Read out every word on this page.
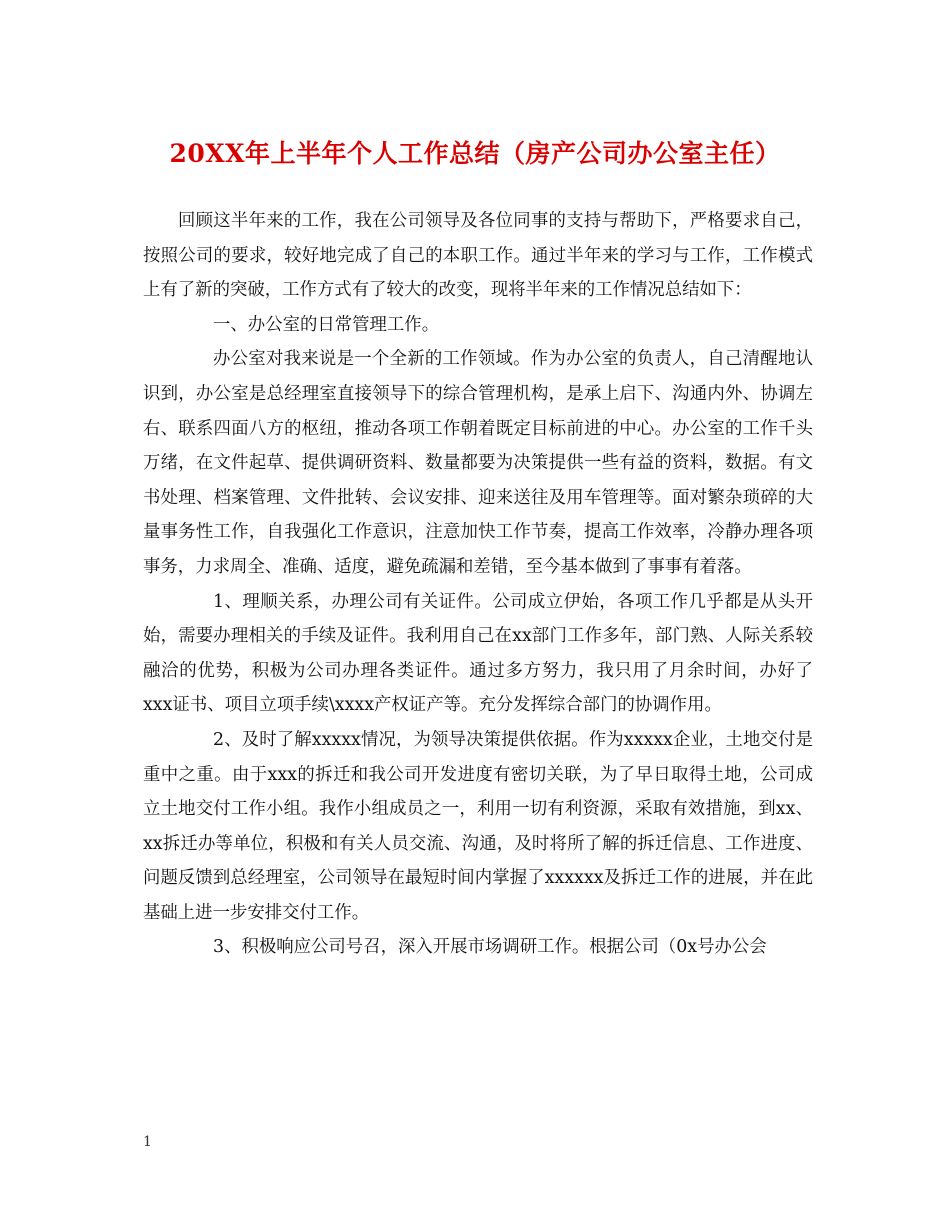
20XX年上半年个人工作总结（房产公司办公室主任）

回顾这半年来的工作，我在公司领导及各位同事的支持与帮助下，严格要求自己，按照公司的要求，较好地完成了自己的本职工作。通过半年来的学习与工作，工作模式上有了新的突破，工作方式有了较大的改变，现将半年来的工作情况总结如下：

一、办公室的日常管理工作。

办公室对我来说是一个全新的工作领域。作为办公室的负责人，自己清醒地认识到，办公室是总经理室直接领导下的综合管理机构，是承上启下、沟通内外、协调左右、联系四面八方的枢纽，推动各项工作朝着既定目标前进的中心。办公室的工作千头万绪，在文件起草、提供调研资料、数量都要为决策提供一些有益的资料，数据。有文书处理、档案管理、文件批转、会议安排、迎来送往及用车管理等。面对繁杂琐碎的大量事务性工作，自我强化工作意识，注意加快工作节奏，提高工作效率，冷静办理各项事务，力求周全、准确、适度，避免疏漏和差错，至今基本做到了事事有着落。

1、理顺关系，办理公司有关证件。公司成立伊始，各项工作几乎都是从头开始，需要办理相关的手续及证件。我利用自己在xx部门工作多年，部门熟、人际关系较融洽的优势，积极为公司办理各类证件。通过多方努力，我只用了月余时间，办好了xxx证书、项目立项手续\xxxx产权证产等。充分发挥综合部门的协调作用。

2、及时了解xxxxx情况，为领导决策提供依据。作为xxxxx企业，土地交付是重中之重。由于xxx的拆迁和我公司开发进度有密切关联，为了早日取得土地，公司成立土地交付工作小组。我作小组成员之一，利用一切有利资源，采取有效措施，到xx、xx拆迁办等单位，积极和有关人员交流、沟通，及时将所了解的拆迁信息、工作进度、问题反馈到总经理室，公司领导在最短时间内掌握了xxxxxx及拆迁工作的进展，并在此基础上进一步安排交付工作。

3、积极响应公司号召，深入开展市场调研工作。根据公司（0x号办公会

1
